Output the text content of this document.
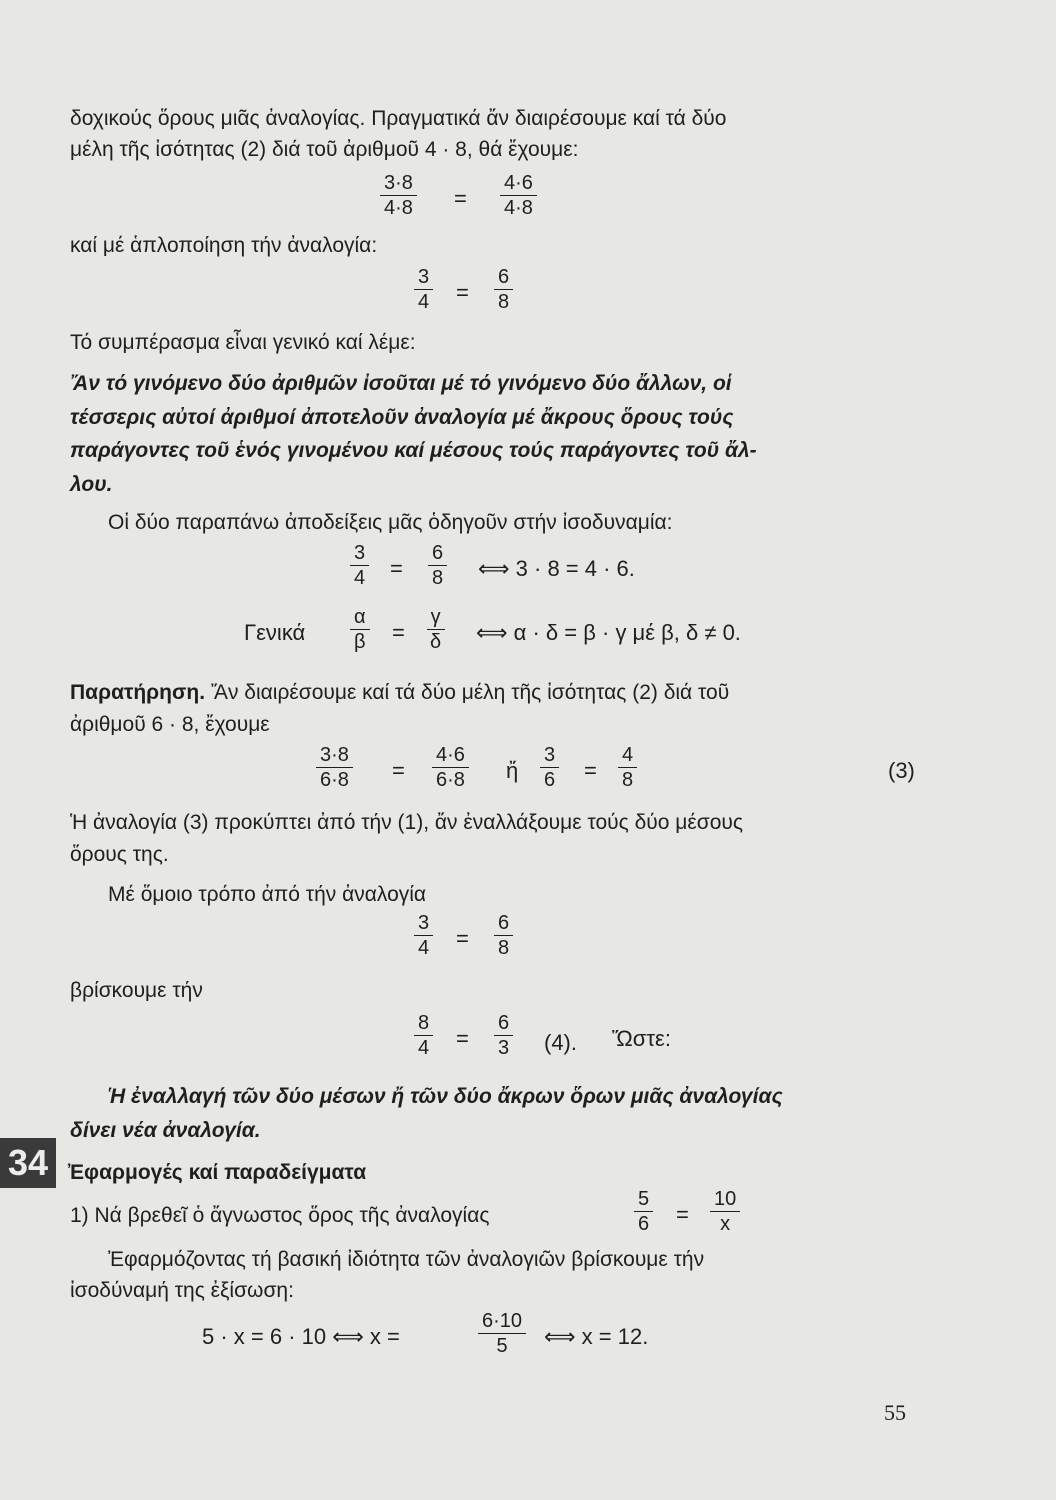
δοχικούς ὅρους μιᾶς ἀναλογίας. Πραγματικά ἄν διαιρέσουμε καί τά δύο
μέλη τῆς ἰσότητας (2) διά τοῦ ἀριθμοῦ 4 · 8, θά ἔχουμε:
$\frac{3\cdot 8}{4\cdot 8} = \frac{4\cdot 6}{4\cdot 8}$
καί μέ ἁπλοποίηση τήν ἀναλογία:
$\frac{3}{4} = \frac{6}{8}$
Τό συμπέρασμα εἶναι γενικό καί λέμε:
Ἄν τό γινόμενο δύο ἀριθμῶν ἰσοῦται μέ τό γινόμενο δύο ἄλλων, οἱ
τέσσερις αὐτοί ἀριθμοί ἀποτελοῦν ἀναλογία μέ ἄκρους ὅρους τούς
παράγοντες τοῦ ἑνός γινομένου καί μέσους τούς παράγοντες τοῦ ἄλ-
λου.
Οἱ δύο παραπάνω ἀποδείξεις μᾶς ὁδηγοῦν στήν ἰσοδυναμία:
$\frac{3}{4} = \frac{6}{8}$ ⟺ 3 · 8 = 4 · 6.
Γενικά $\frac{\alpha}{\beta} = \frac{\gamma}{\delta}$ ⟺ α · δ = β · γ μέ β, δ ≠ 0.
Παρατήρηση. Ἄν διαιρέσουμε καί τά δύο μέλη τῆς ἰσότητας (2) διά τοῦ
ἀριθμοῦ 6 · 8, ἔχουμε
$\frac{3\cdot 8}{6\cdot 8} = \frac{4\cdot 6}{6\cdot 8}$ ἤ $\frac{3}{6} = \frac{4}{8}$	(3)
Ἡ ἀναλογία (3) προκύπτει ἀπό τήν (1), ἄν ἐναλλάξουμε τούς δύο μέσους
ὅρους της.
Μέ ὅμοιο τρόπο ἀπό τήν ἀναλογία
$\frac{3}{4} = \frac{6}{8}$
βρίσκουμε τήν
$\frac{8}{4} = \frac{6}{3} (4)$. Ὥστε:
Ἡ ἐναλλαγή τῶν δύο μέσων ἤ τῶν δύο ἄκρων ὅρων μιᾶς ἀναλογίας
δίνει νέα ἀναλογία.
34 Ἐφαρμογές καί παραδείγματα
1) Νά βρεθεῖ ὁ ἄγνωστος ὅρος τῆς ἀναλογίας	$\frac{5}{6} = \frac{10}{x}$
Ἐφαρμόζοντας τή βασική ἰδιότητα τῶν ἀναλογιῶν βρίσκουμε τήν
ἰσοδύναμή της ἐξίσωση:
5 · x = 6 · 10 ⟺ x =	$\frac{6\cdot 10}{5}$ ⟺ x = 12.
55
